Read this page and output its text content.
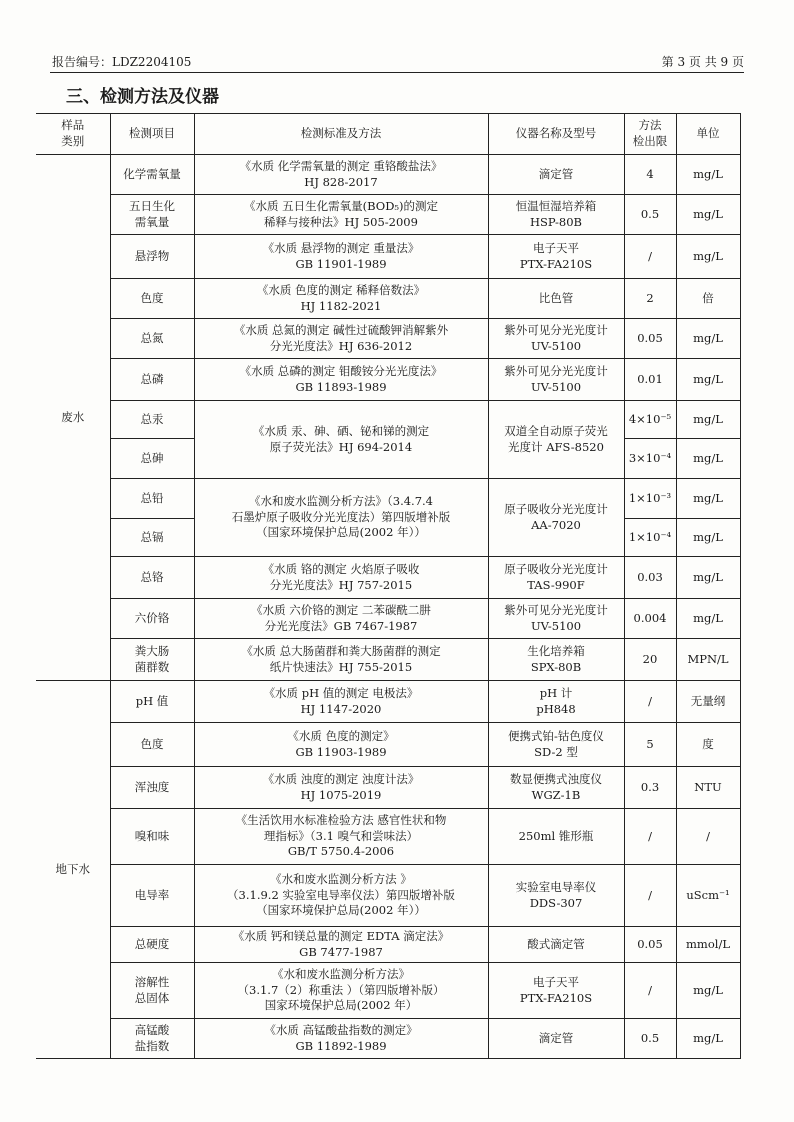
报告编号：LDZ2204105	第 3 页 共 9 页
三、检测方法及仪器
样品
类别	检测项目	检测标准及方法	仪器名称及型号	方法
检出限	单位
废水	化学需氧量	《水质 化学需氧量的测定 重铬酸盐法》
HJ 828-2017	滴定管	4	mg/L
	五日生化
需氧量	《水质 五日生化需氧量(BOD₅)的测定
稀释与接种法》HJ 505-2009	恒温恒湿培养箱
HSP-80B	0.5	mg/L
	悬浮物	《水质 悬浮物的测定 重量法》
GB 11901-1989	电子天平
PTX-FA210S	/	mg/L
	色度	《水质 色度的测定 稀释倍数法》
HJ 1182-2021	比色管	2	倍
	总氮	《水质 总氮的测定 碱性过硫酸钾消解紫外
分光光度法》HJ 636-2012	紫外可见分光光度计
UV-5100	0.05	mg/L
	总磷	《水质 总磷的测定 钼酸铵分光光度法》
GB 11893-1989	紫外可见分光光度计
UV-5100	0.01	mg/L
	总汞	《水质 汞、砷、硒、铋和锑的测定
原子荧光法》HJ 694-2014	双道全自动原子荧光
光度计 AFS-8520	4×10⁻⁵	mg/L
	总砷			3×10⁻⁴	mg/L
	总铅	《水和废水监测分析方法》（3.4.7.4
石墨炉原子吸收分光光度法）第四版增补版
（国家环境保护总局(2002 年））	原子吸收分光光度计
AA-7020	1×10⁻³	mg/L
	总镉			1×10⁻⁴	mg/L
	总铬	《水质 铬的测定 火焰原子吸收
分光光度法》HJ 757-2015	原子吸收分光光度计
TAS-990F	0.03	mg/L
	六价铬	《水质 六价铬的测定 二苯碳酰二肼
分光光度法》GB 7467-1987	紫外可见分光光度计
UV-5100	0.004	mg/L
	粪大肠
菌群数	《水质 总大肠菌群和粪大肠菌群的测定
纸片快速法》HJ 755-2015	生化培养箱
SPX-80B	20	MPN/L
地下水	pH 值	《水质 pH 值的测定 电极法》
HJ 1147-2020	pH 计
pH848	/	无量纲
	色度	《水质 色度的测定》
GB 11903-1989	便携式铂-钴色度仪
SD-2 型	5	度
	浑浊度	《水质 浊度的测定 浊度计法》
HJ 1075-2019	数显便携式浊度仪
WGZ-1B	0.3	NTU
	嗅和味	《生活饮用水标准检验方法 感官性状和物
理指标》（3.1 嗅气和尝味法）
GB/T 5750.4-2006	250ml 锥形瓶	/	/
	电导率	《水和废水监测分析方法 》
（3.1.9.2 实验室电导率仪法）第四版增补版
（国家环境保护总局(2002 年））	实验室电导率仪
DDS-307	/	uScm⁻¹
	总硬度	《水质 钙和镁总量的测定 EDTA 滴定法》
GB 7477-1987	酸式滴定管	0.05	mmol/L
	溶解性
总固体	《水和废水监测分析方法》
（3.1.7（2）称重法 ）（第四版增补版）
国家环境保护总局(2002 年）	电子天平
PTX-FA210S	/	mg/L
	高锰酸
盐指数	《水质 高锰酸盐指数的测定》
GB 11892-1989	滴定管	0.5	mg/L
